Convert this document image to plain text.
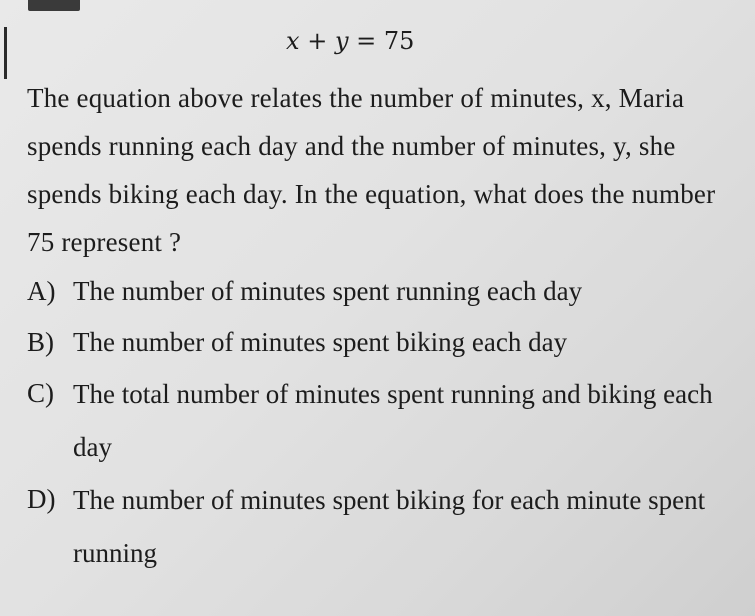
x + y = 75

The equation above relates the number of minutes, x, Maria spends running each day and the number of minutes, y, she spends biking each day. In the equation, what does the number 75 represent ?

A) The number of minutes spent running each day
B) The number of minutes spent biking each day
C) The total number of minutes spent running and biking each day
D) The number of minutes spent biking for each minute spent running
